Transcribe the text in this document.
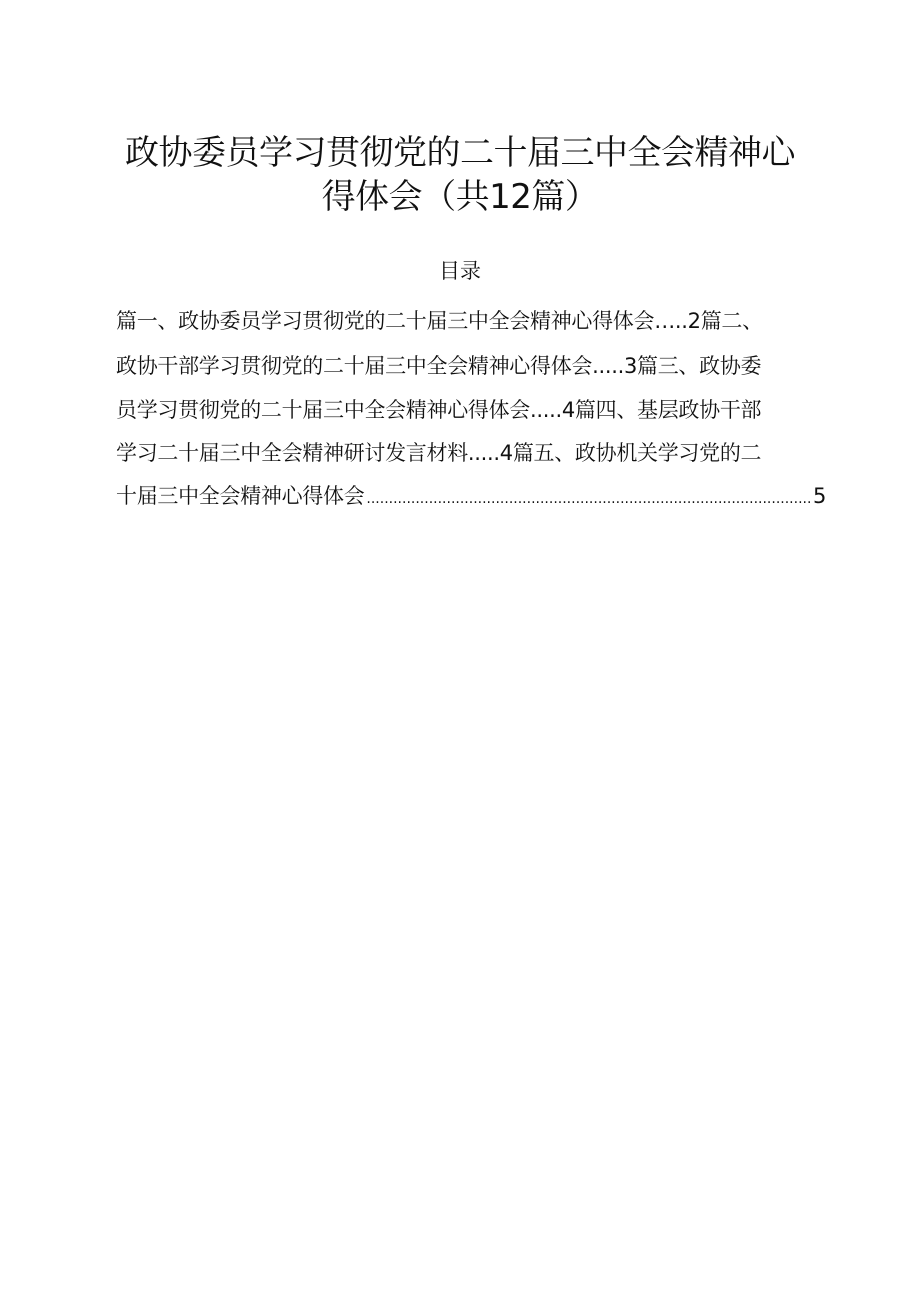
政协委员学习贯彻党的二十届三中全会精神心
得体会（共12篇）
目录
篇一、政协委员学习贯彻党的二十届三中全会精神心得体会…..2篇二、
政协干部学习贯彻党的二十届三中全会精神心得体会.....3篇三、政协委
员学习贯彻党的二十届三中全会精神心得体会.....4篇四、基层政协干部
学习二十届三中全会精神研讨发言材料.....4篇五、政协机关学习党的二
十届三中全会精神心得体会
.....	5
